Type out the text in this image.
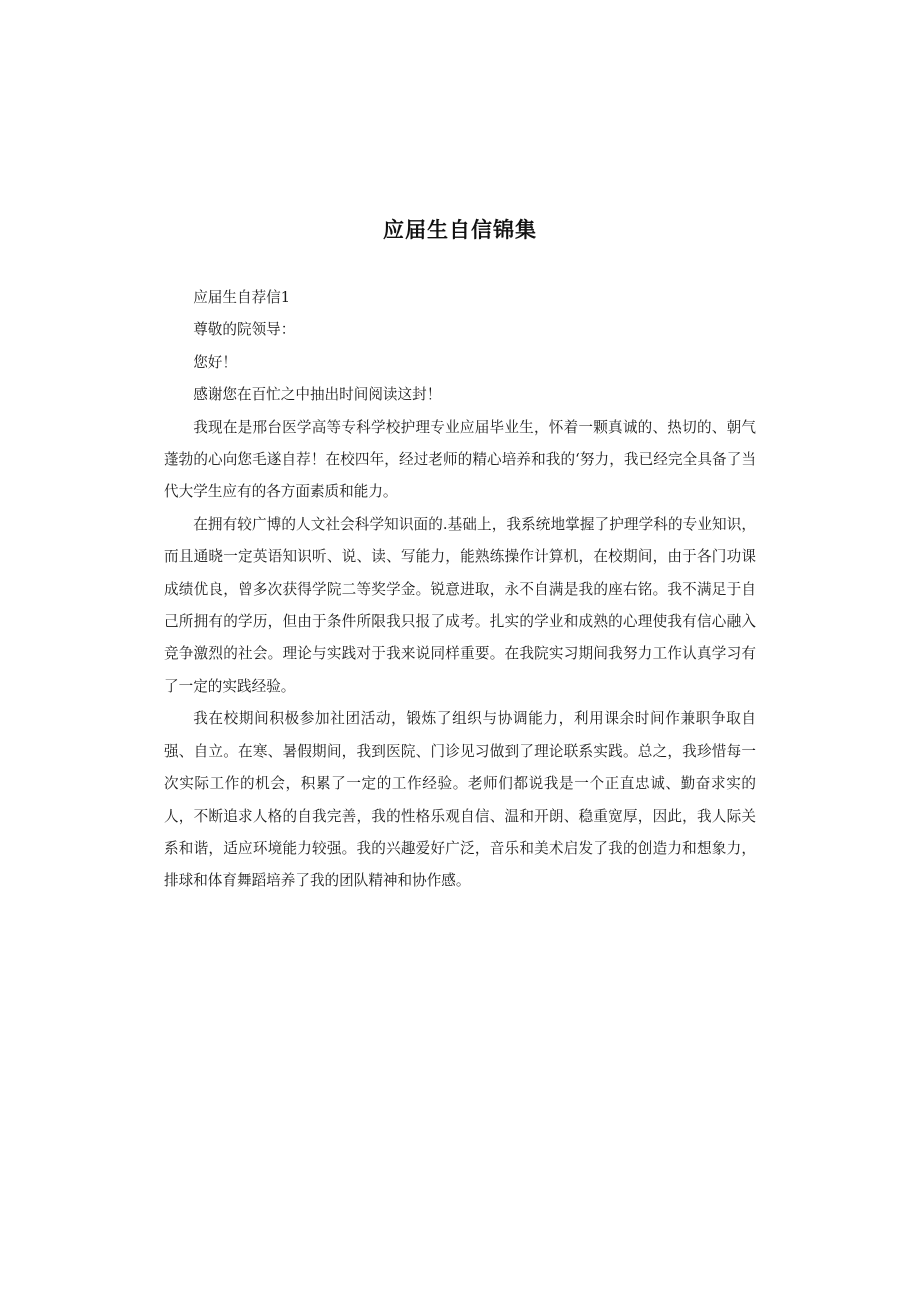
应届生自信锦集

应届生自荐信1

尊敬的院领导：

您好！

感谢您在百忙之中抽出时间阅读这封！

我现在是邢台医学高等专科学校护理专业应届毕业生，怀着一颗真诚的、热切的、朝气蓬勃的心向您毛遂自荐！在校四年，经过老师的精心培养和我的‘努力，我已经完全具备了当代大学生应有的各方面素质和能力。

在拥有较广博的人文社会科学知识面的.基础上，我系统地掌握了护理学科的专业知识，而且通晓一定英语知识听、说、读、写能力，能熟练操作计算机，在校期间，由于各门功课成绩优良，曾多次获得学院二等奖学金。锐意进取，永不自满是我的座右铭。我不满足于自己所拥有的学历，但由于条件所限我只报了成考。扎实的学业和成熟的心理使我有信心融入竞争激烈的社会。理论与实践对于我来说同样重要。在我院实习期间我努力工作认真学习有了一定的实践经验。

我在校期间积极参加社团活动，锻炼了组织与协调能力，利用课余时间作兼职争取自强、自立。在寒、暑假期间，我到医院、门诊见习做到了理论联系实践。总之，我珍惜每一次实际工作的机会，积累了一定的工作经验。老师们都说我是一个正直忠诚、勤奋求实的人，不断追求人格的自我完善，我的性格乐观自信、温和开朗、稳重宽厚，因此，我人际关系和谐，适应环境能力较强。我的兴趣爱好广泛，音乐和美术启发了我的创造力和想象力，排球和体育舞蹈培养了我的团队精神和协作感。
